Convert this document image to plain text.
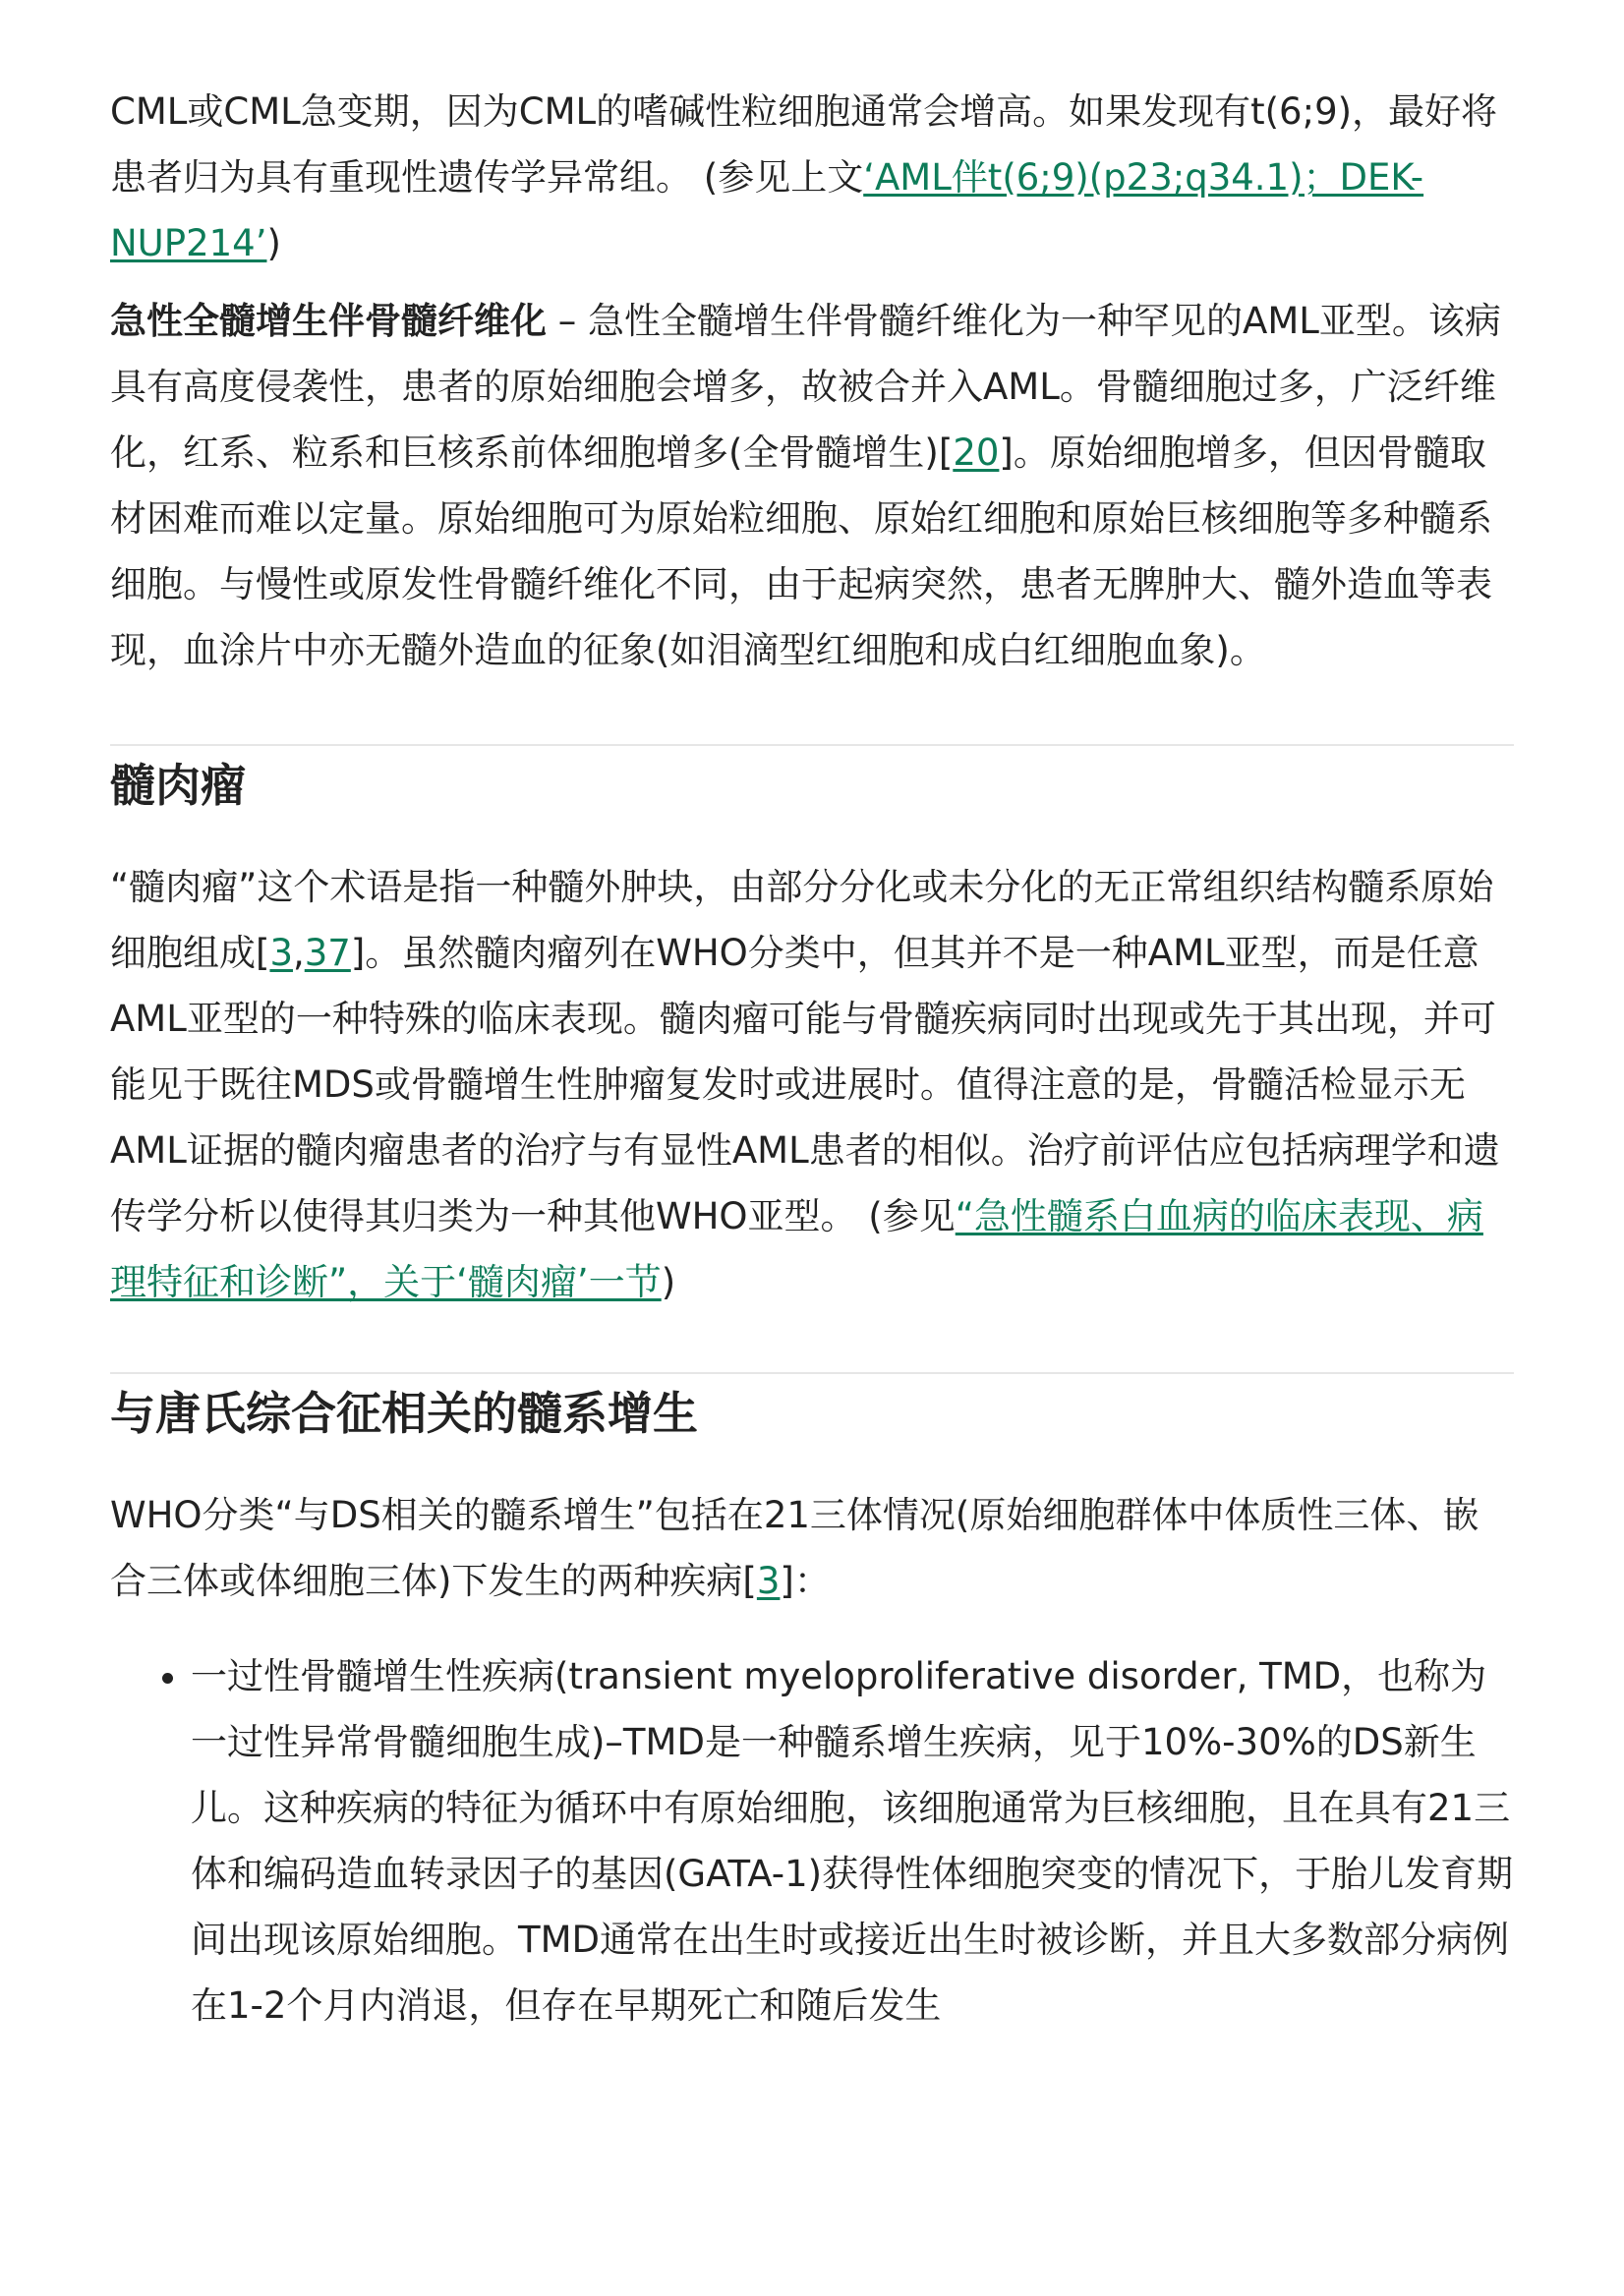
CML或CML急变期，因为CML的嗜碱性粒细胞通常会增高。如果发现有t(6;9)，最好将患者归为具有重现性遗传学异常组。 (参见上文‘AML伴t(6;9)(p23;q34.1)；DEK-NUP214’)

急性全髓增生伴骨髓纤维化 – 急性全髓增生伴骨髓纤维化为一种罕见的AML亚型。该病具有高度侵袭性，患者的原始细胞会增多，故被合并入AML。骨髓细胞过多，广泛纤维化，红系、粒系和巨核系前体细胞增多(全骨髓增生)[20]。原始细胞增多，但因骨髓取材困难而难以定量。原始细胞可为原始粒细胞、原始红细胞和原始巨核细胞等多种髓系细胞。与慢性或原发性骨髓纤维化不同，由于起病突然，患者无脾肿大、髓外造血等表现，血涂片中亦无髓外造血的征象(如泪滴型红细胞和成白红细胞血象)。

髓肉瘤

“髓肉瘤”这个术语是指一种髓外肿块，由部分分化或未分化的无正常组织结构髓系原始细胞组成[3,37]。虽然髓肉瘤列在WHO分类中，但其并不是一种AML亚型，而是任意AML亚型的一种特殊的临床表现。髓肉瘤可能与骨髓疾病同时出现或先于其出现，并可能见于既往MDS或骨髓增生性肿瘤复发时或进展时。值得注意的是，骨髓活检显示无AML证据的髓肉瘤患者的治疗与有显性AML患者的相似。治疗前评估应包括病理学和遗传学分析以使得其归类为一种其他WHO亚型。 (参见“急性髓系白血病的临床表现、病理特征和诊断”，关于‘髓肉瘤’一节)

与唐氏综合征相关的髓系增生

WHO分类“与DS相关的髓系增生”包括在21三体情况(原始细胞群体中体质性三体、嵌合三体或体细胞三体)下发生的两种疾病[3]：

• 一过性骨髓增生性疾病(transient myeloproliferative disorder, TMD，也称为一过性异常骨髓细胞生成)–TMD是一种髓系增生疾病，见于10%-30%的DS新生儿。这种疾病的特征为循环中有原始细胞，该细胞通常为巨核细胞，且在具有21三体和编码造血转录因子的基因(GATA-1)获得性体细胞突变的情况下，于胎儿发育期间出现该原始细胞。TMD通常在出生时或接近出生时被诊断，并且大多数部分病例在1-2个月内消退，但存在早期死亡和随后发生
